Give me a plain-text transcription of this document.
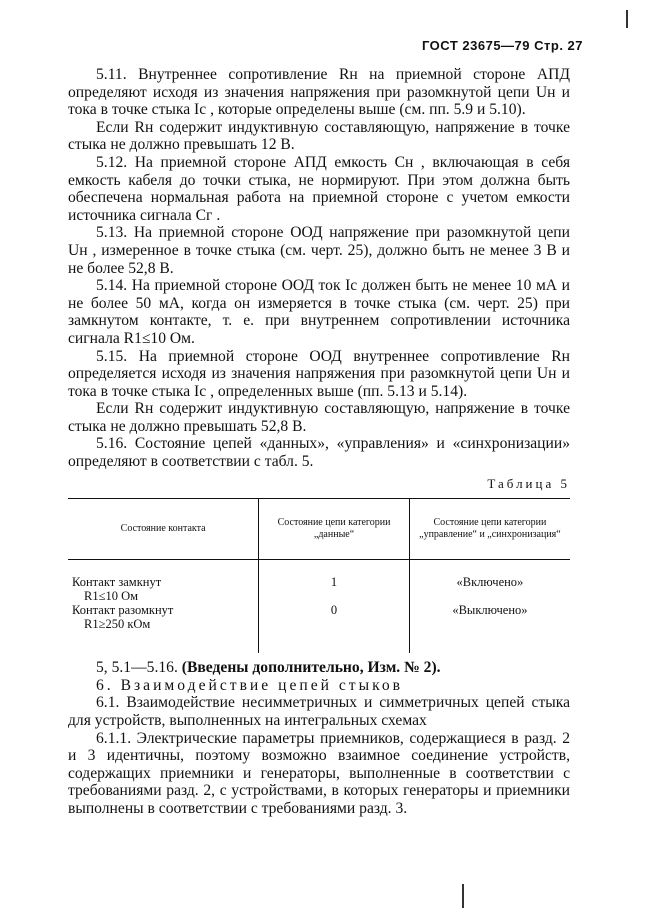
ГОСТ 23675—79 Стр. 27

5.11. Внутреннее сопротивление Rн на приемной стороне АПД определяют исходя из значения напряжения при разомкнутой цепи Uн и тока в точке стыка Iс , которые определены выше (см. пп. 5.9 и 5.10).

Если Rн содержит индуктивную составляющую, напряжение в точке стыка не должно превышать 12 В.

5.12. На приемной стороне АПД емкость Cн , включающая в себя емкость кабеля до точки стыка, не нормируют. При этом должна быть обеспечена нормальная работа на приемной стороне с учетом емкости источника сигнала Cг .

5.13. На приемной стороне ООД напряжение при разомкнутой цепи Uн , измеренное в точке стыка (см. черт. 25), должно быть не менее 3 В и не более 52,8 В.

5.14. На приемной стороне ООД ток Iс должен быть не менее 10 мА и не более 50 мА, когда он измеряется в точке стыка (см. черт. 25) при замкнутом контакте, т. е. при внутреннем сопротивлении источника сигнала R1≤10 Ом.

5.15. На приемной стороне ООД внутреннее сопротивление Rн определяется исходя из значения напряжения при разомкнутой цепи Uн и тока в точке стыка Iс , определенных выше (пп. 5.13 и 5.14).

Если Rн содержит индуктивную составляющую, напряжение в точке стыка не должно превышать 52,8 В.

5.16. Состояние цепей «данных», «управления» и «синхронизации» определяют в соответствии с табл. 5.

Таблица 5
Состояние контакта	Состояние цепи категории „данные“	Состояние цепи категории „управление“ и „синхронизация“

Контакт замкнут
R1≤10 Ом	1	«Включено»

Контакт разомкнут
R1≥250 кОм	0	«Выключено»

5, 5.1—5.16. (Введены дополнительно, Изм. № 2).

6. Взаимодействие цепей стыков

6.1. Взаимодействие несимметричных и симметричных цепей стыка для устройств, выполненных на интегральных схемах

6.1.1. Электрические параметры приемников, содержащиеся в разд. 2 и 3 идентичны, поэтому возможно взаимное соединение устройств, содержащих приемники и генераторы, выполненные в соответствии с требованиями разд. 2, с устройствами, в которых генераторы и приемники выполнены в соответствии с требованиями разд. 3.
